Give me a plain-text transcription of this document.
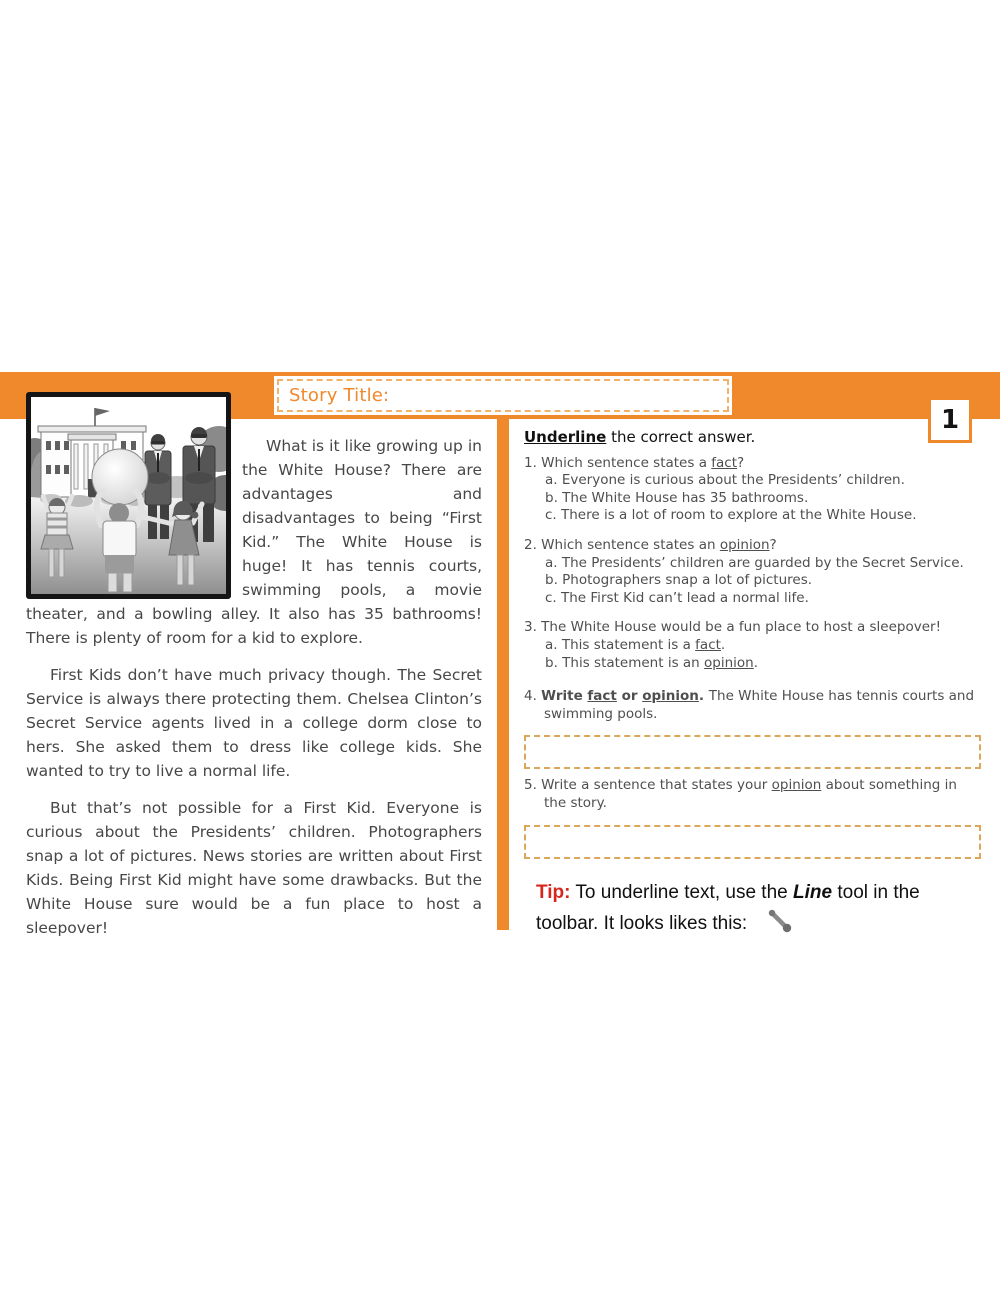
Story Title:
1

What is it like growing up in the White House? There are advantages and disadvantages to being “First Kid.” The White House is huge! It has tennis courts, swimming pools, a movie theater, and a bowling alley. It also has 35 bathrooms! There is plenty of room for a kid to explore.

First Kids don’t have much privacy though. The Secret Service is always there protecting them. Chelsea Clinton’s Secret Service agents lived in a college dorm close to hers. She asked them to dress like college kids. She wanted to try to live a normal life.

But that’s not possible for a First Kid. Everyone is curious about the Presidents’ children. Photographers snap a lot of pictures. News stories are written about First Kids. Being First Kid might have some drawbacks. But the White House sure would be a fun place to host a sleepover!

Underline the correct answer.
1. Which sentence states a fact?
a. Everyone is curious about the Presidents’ children.
b. The White House has 35 bathrooms.
c. There is a lot of room to explore at the White House.
2. Which sentence states an opinion?
a. The Presidents’ children are guarded by the Secret Service.
b. Photographers snap a lot of pictures.
c. The First Kid can’t lead a normal life.
3. The White House would be a fun place to host a sleepover!
a. This statement is a fact.
b. This statement is an opinion.
4. Write fact or opinion. The White House has tennis courts and swimming pools.
5. Write a sentence that states your opinion about something in the story.
Tip: To underline text, use the Line tool in the toolbar. It looks likes this:
